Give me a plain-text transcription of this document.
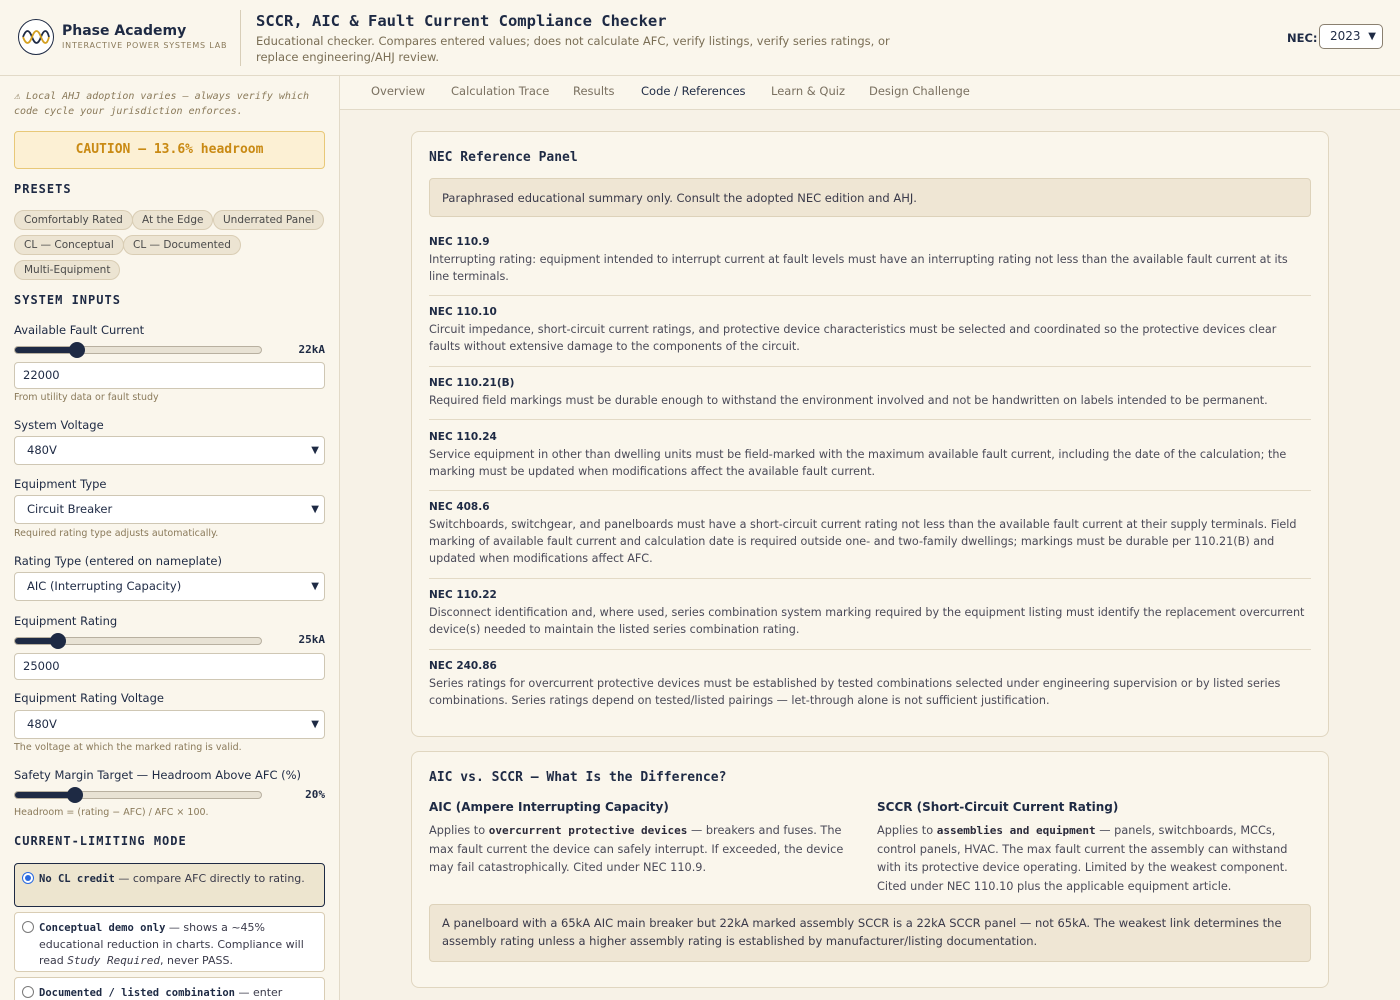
Phase Academy
INTERACTIVE POWER SYSTEMS LAB
SCCR, AIC & Fault Current Compliance Checker
Educational checker. Compares entered values; does not calculate AFC, verify listings, verify series ratings, or replace engineering/AHJ review.
NEC:	2023 ▼
⚠ Local AHJ adoption varies — always verify which code cycle your jurisdiction enforces.
CAUTION — 13.6% headroom
PRESETS
Comfortably Rated	At the Edge	Underrated Panel
CL — Conceptual	CL — Documented
Multi-Equipment
SYSTEM INPUTS
Available Fault Current
22kA
22000
From utility data or fault study
System Voltage
480V	▼
Equipment Type
Circuit Breaker	▼
Required rating type adjusts automatically.
Rating Type (entered on nameplate)
AIC (Interrupting Capacity)	▼
Equipment Rating
25kA
25000
Equipment Rating Voltage
480V	▼
The voltage at which the marked rating is valid.
Safety Margin Target — Headroom Above AFC (%)
20%
Headroom = (rating − AFC) / AFC × 100.
CURRENT-LIMITING MODE
No CL credit — compare AFC directly to rating.
Conceptual demo only — shows a ~45% educational reduction in charts. Compliance will read Study Required, never PASS.
Documented / listed combination — enter
Overview Calculation Trace Results Code / References Learn & Quiz Design Challenge
NEC Reference Panel
Paraphrased educational summary only. Consult the adopted NEC edition and AHJ.
NEC 110.9
Interrupting rating: equipment intended to interrupt current at fault levels must have an interrupting rating not less than the available fault current at its line terminals.
NEC 110.10
Circuit impedance, short-circuit current ratings, and protective device characteristics must be selected and coordinated so the protective devices clear faults without extensive damage to the components of the circuit.
NEC 110.21(B)
Required field markings must be durable enough to withstand the environment involved and not be handwritten on labels intended to be permanent.
NEC 110.24
Service equipment in other than dwelling units must be field-marked with the maximum available fault current, including the date of the calculation; the marking must be updated when modifications affect the available fault current.
NEC 408.6
Switchboards, switchgear, and panelboards must have a short-circuit current rating not less than the available fault current at their supply terminals. Field marking of available fault current and calculation date is required outside one- and two-family dwellings; markings must be durable per 110.21(B) and updated when modifications affect AFC.
NEC 110.22
Disconnect identification and, where used, series combination system marking required by the equipment listing must identify the replacement overcurrent device(s) needed to maintain the listed series combination rating.
NEC 240.86
Series ratings for overcurrent protective devices must be established by tested combinations selected under engineering supervision or by listed series combinations. Series ratings depend on tested/listed pairings — let-through alone is not sufficient justification.
AIC vs. SCCR — What Is the Difference?
AIC (Ampere Interrupting Capacity)
Applies to overcurrent protective devices — breakers and fuses. The max fault current the device can safely interrupt. If exceeded, the device may fail catastrophically. Cited under NEC 110.9.
SCCR (Short-Circuit Current Rating)
Applies to assemblies and equipment — panels, switchboards, MCCs, control panels, HVAC. The max fault current the assembly can withstand with its protective device operating. Limited by the weakest component. Cited under NEC 110.10 plus the applicable equipment article.
A panelboard with a 65kA AIC main breaker but 22kA marked assembly SCCR is a 22kA SCCR panel — not 65kA. The weakest link determines the assembly rating unless a higher assembly rating is established by manufacturer/listing documentation.
